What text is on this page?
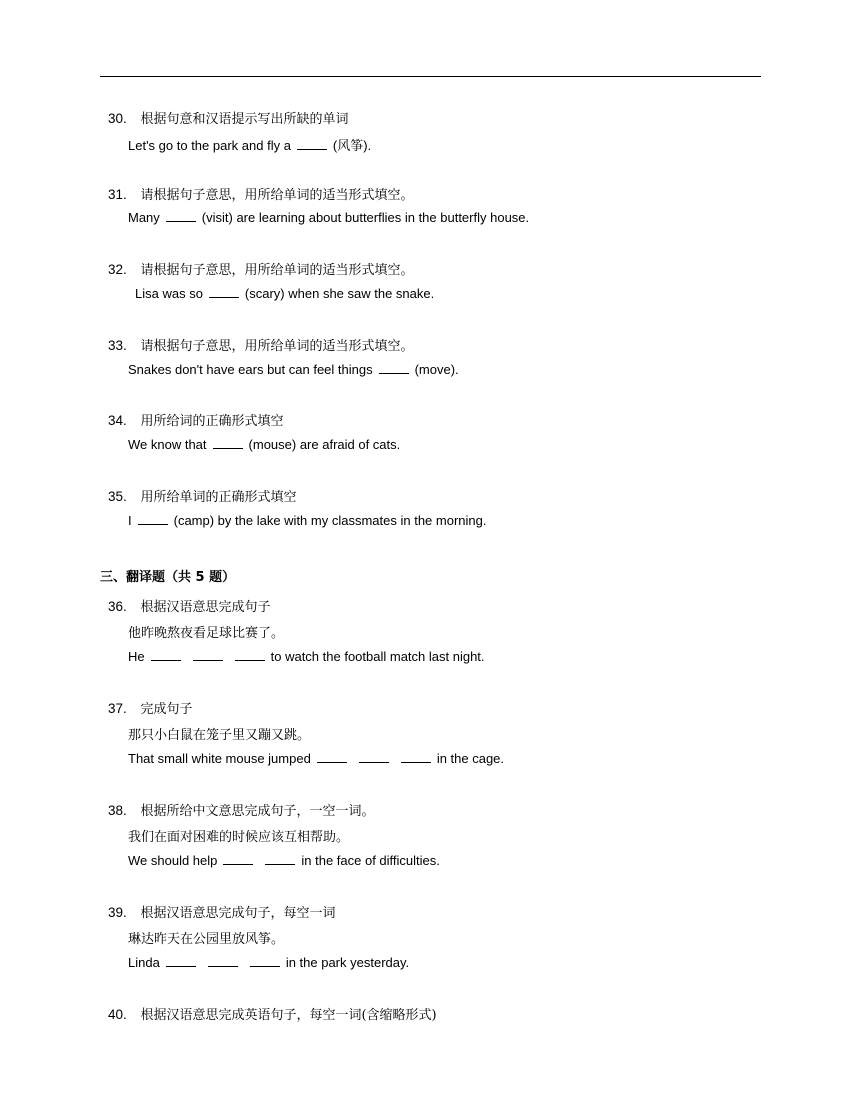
30. 根据句意和汉语提示写出所缺的单词
Let's go to the park and fly a	(风筝).
31. 请根据句子意思，用所给单词的适当形式填空。
Many	(visit) are learning about butterflies in the butterfly house.
32. 请根据句子意思，用所给单词的适当形式填空。
Lisa was so	(scary) when she saw the snake.
33. 请根据句子意思，用所给单词的适当形式填空。
Snakes don't have ears but can feel things	(move).
34. 用所给词的正确形式填空
We know that	(mouse) are afraid of cats.
35. 用所给单词的正确形式填空
I	(camp) by the lake with my classmates in the morning.
三、翻译题（共 5 题）
36. 根据汉语意思完成句子
他昨晚熬夜看足球比赛了。
He	to watch the football match last night.
37. 完成句子
那只小白鼠在笼子里又蹦又跳。
That small white mouse jumped	in the cage.
38. 根据所给中文意思完成句子，一空一词。
我们在面对困难的时候应该互相帮助。
We should help	in the face of difficulties.
39. 根据汉语意思完成句子，每空一词
琳达昨天在公园里放风筝。
Linda	in the park yesterday.
40. 根据汉语意思完成英语句子，每空一词(含缩略形式)
